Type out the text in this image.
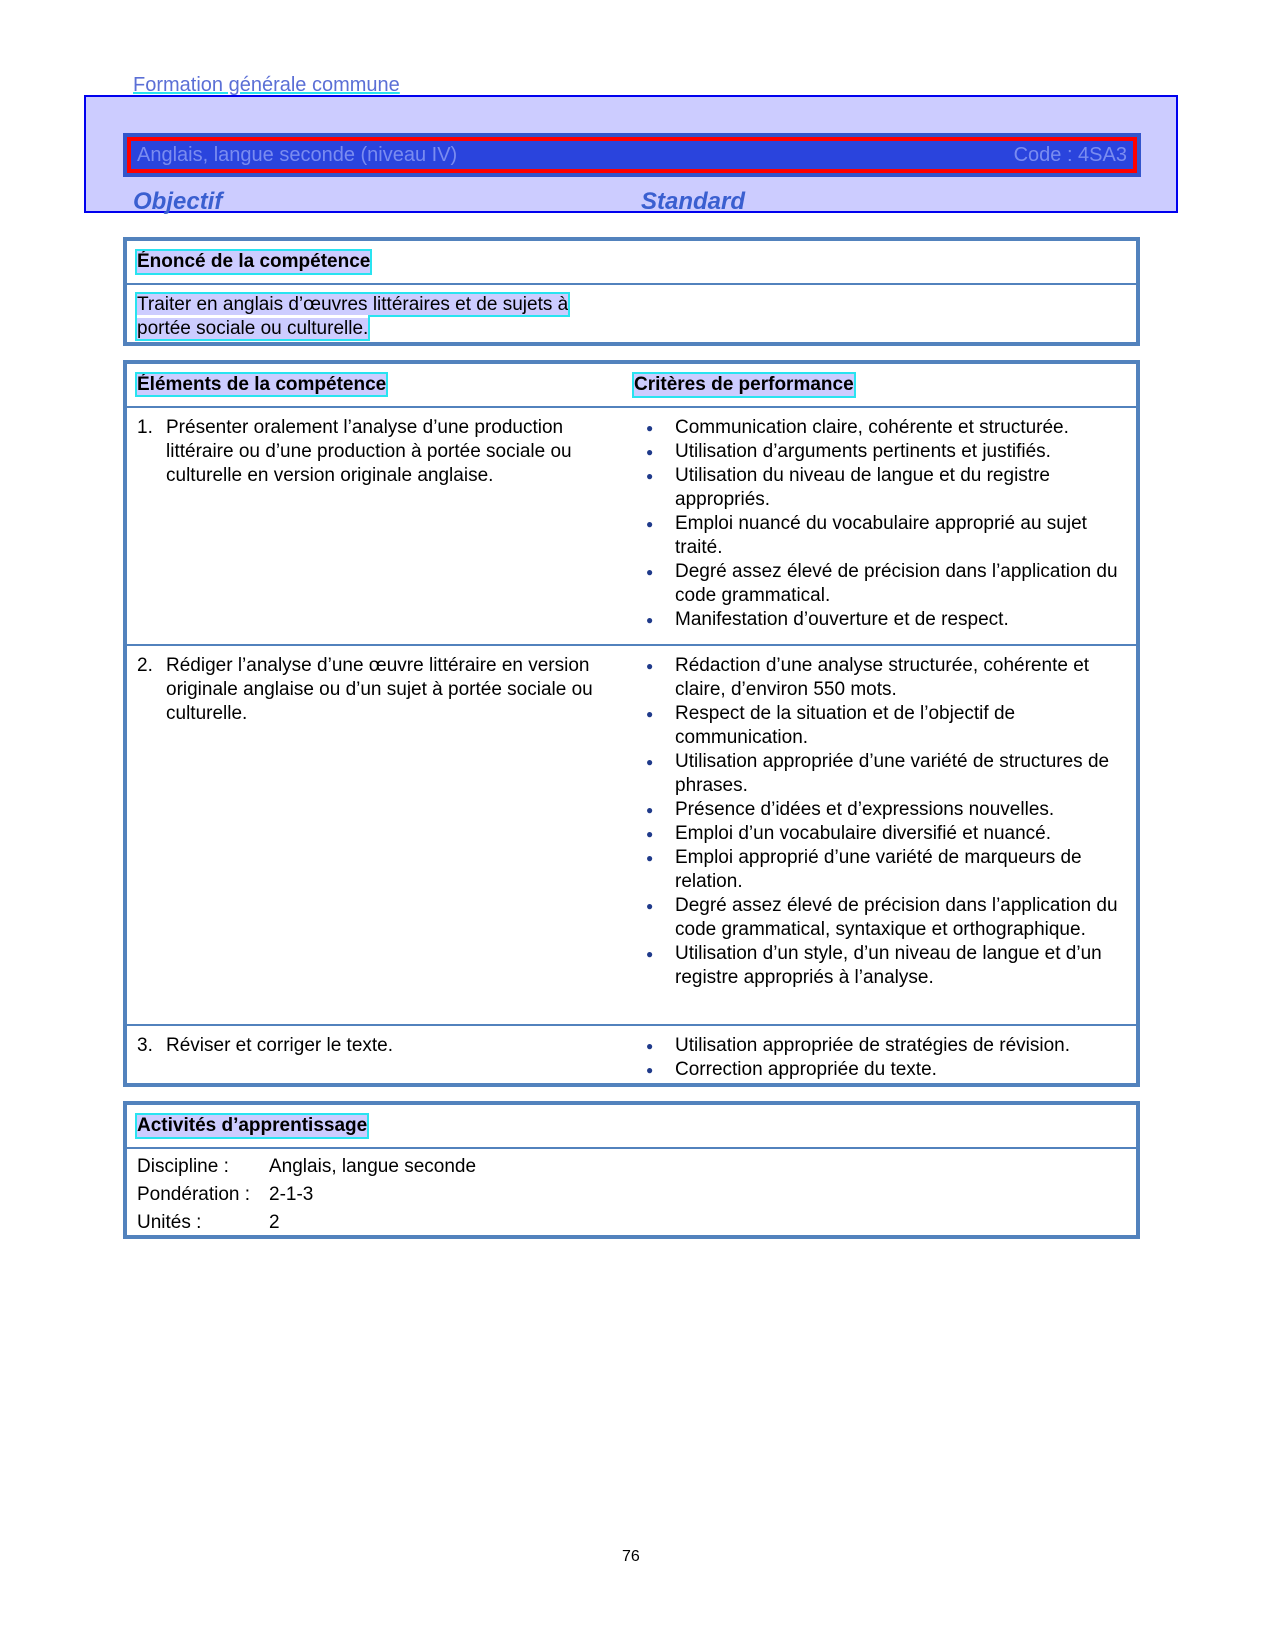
Formation générale commune
Anglais, langue seconde (niveau IV)	Code : 4SA3
Objectif	Standard
Énoncé de la compétence
Traiter en anglais d’œuvres littéraires et de sujets à portée sociale ou culturelle.
Éléments de la compétence	Critères de performance
1. Présenter oralement l’analyse d’une production littéraire ou d’une production à portée sociale ou culturelle en version originale anglaise.
●	Communication claire, cohérente et structurée.
●	Utilisation d’arguments pertinents et justifiés.
●	Utilisation du niveau de langue et du registre appropriés.
●	Emploi nuancé du vocabulaire approprié au sujet traité.
●	Degré assez élevé de précision dans l’application du code grammatical.
●	Manifestation d’ouverture et de respect.
2. Rédiger l’analyse d’une œuvre littéraire en version originale anglaise ou d’un sujet à portée sociale ou culturelle.
●	Rédaction d’une analyse structurée, cohérente et claire, d’environ 550 mots.
●	Respect de la situation et de l’objectif de communication.
●	Utilisation appropriée d’une variété de structures de phrases.
●	Présence d’idées et d’expressions nouvelles.
●	Emploi d’un vocabulaire diversifié et nuancé.
●	Emploi approprié d’une variété de marqueurs de relation.
●	Degré assez élevé de précision dans l’application du code grammatical, syntaxique et orthographique.
●	Utilisation d’un style, d’un niveau de langue et d’un registre appropriés à l’analyse.
3. Réviser et corriger le texte.	●	Utilisation appropriée de stratégies de révision.
●	Correction appropriée du texte.
Activités d’apprentissage
Discipline :	Anglais, langue seconde
Pondération : 2-1-3
Unités :	2
76
